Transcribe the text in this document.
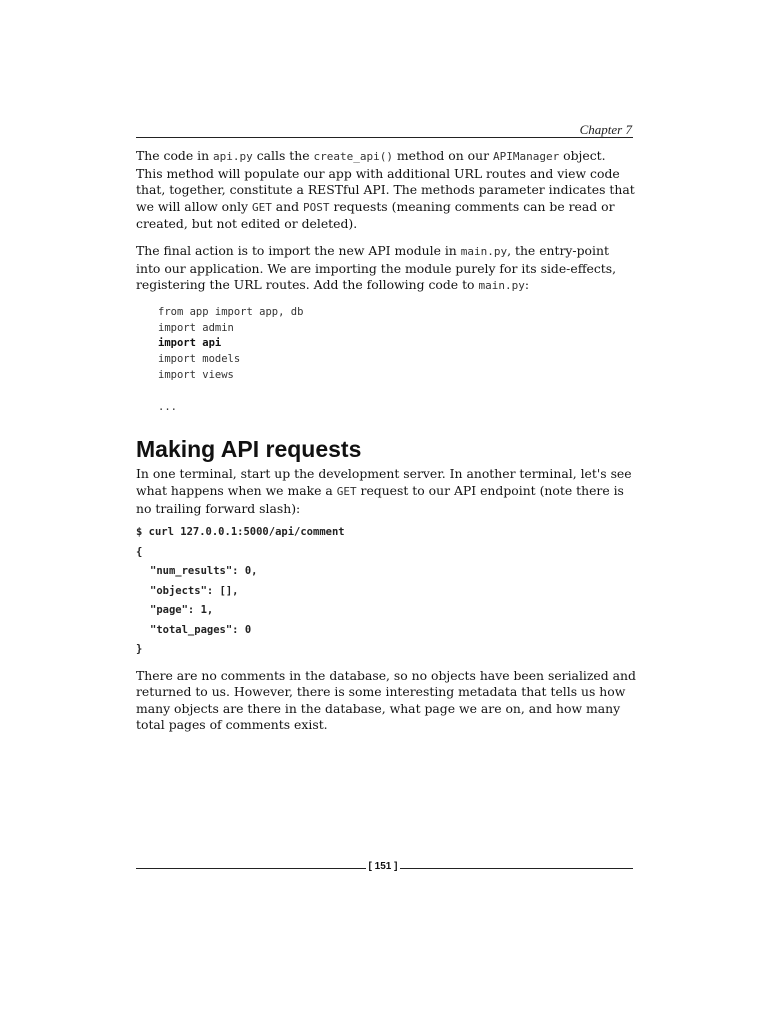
Chapter 7

The code in api.py calls the create_api() method on our APIManager object. This method will populate our app with additional URL routes and view code that, together, constitute a RESTful API. The methods parameter indicates that we will allow only GET and POST requests (meaning comments can be read or created, but not edited or deleted).

The final action is to import the new API module in main.py, the entry-point into our application. We are importing the module purely for its side-effects, registering the URL routes. Add the following code to main.py:

from app import app, db
import admin
import api
import models
import views

...
Making API requests

In one terminal, start up the development server. In another terminal, let's see what happens when we make a GET request to our API endpoint (note there is no trailing forward slash):

$ curl 127.0.0.1:5000/api/comment
{
"num_results": 0,
"objects": [],
"page": 1,
"total_pages": 0
}

There are no comments in the database, so no objects have been serialized and returned to us. However, there is some interesting metadata that tells us how many objects are there in the database, what page we are on, and how many total pages of comments exist.

[ 151 ]
